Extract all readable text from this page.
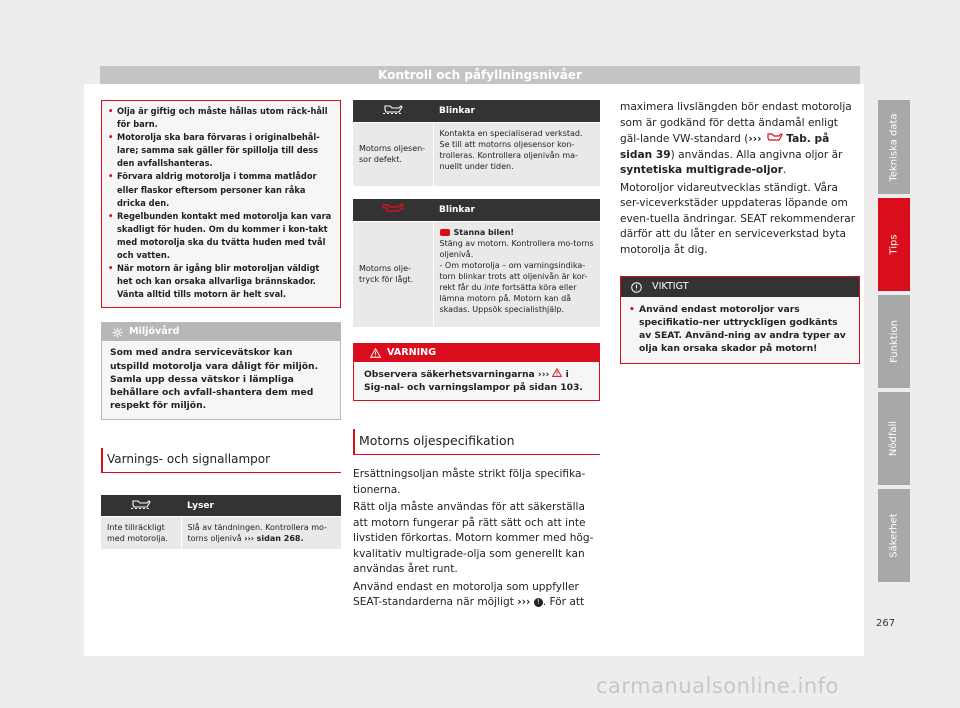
Kontroll och påfyllningsnivåer
• Olja är giftig och måste hållas utom räck-håll för barn.
• Motorolja ska bara förvaras i originalbehål-lare; samma sak gäller för spillolja till dess den avfallshanteras.
• Förvara aldrig motorolja i tomma matlådor eller flaskor eftersom personer kan råka dricka den.
• Regelbunden kontakt med motorolja kan vara skadligt för huden. Om du kommer i kon-takt med motorolja ska du tvätta huden med tvål och vatten.
• När motorn är igång blir motoroljan väldigt het och kan orsaka allvarliga brännskador. Vänta alltid tills motorn är helt sval.
Miljövård
Som med andra servicevätskor kan utspilld motorolja vara dåligt för miljön. Samla upp dessa vätskor i lämpliga behållare och avfall-shantera dem med respekt för miljön.
Varnings- och signallampor
	Lyser
Inte tillräckligt med motorolja.	Slå av tändningen. Kontrollera mo-torns oljenivå ››› sidan 268.
	Blinkar
Motorns oljesen-sor defekt.	Kontakta en specialiserad verkstad. Se till att motorns oljesensor kon-trolleras. Kontrollera oljenivån ma-nuellt under tiden.
	Blinkar
Motorns olje-tryck för lågt.	Stanna bilen!
Stäng av motorn. Kontrollera mo-torns oljenivå.
- Om motorolja – om varningsindika-torn blinkar trots att oljenivån är kor-rekt får du inte fortsätta köra eller lämna motorn på. Motorn kan då skadas. Uppsök specialisthjälp.
VARNING
Observera säkerhetsvarningarna ››› i Sig-nal- och varningslampor på sidan 103.
Motorns oljespecifikation

Ersättningsoljan måste strikt följa specifika-tionerna.

Rätt olja måste användas för att säkerställa att motorn fungerar på rätt sätt och att inte livstiden förkortas. Motorn kommer med hög-kvalitativ multigrade-olja som generellt kan användas året runt.

Använd endast en motorolja som uppfyller SEAT-standarderna när möjligt ››› ! . För att

maximera livslängden bör endast motorolja som är godkänd för detta ändamål enligt gäl-lande VW-standard (››› Tab. på sidan 39) användas. Alla angivna oljor är syntetiska multigrade-oljor.

Motoroljor vidareutvecklas ständigt. Våra ser-viceverkstäder uppdateras löpande om even-tuella ändringar. SEAT rekommenderar därför att du låter en serviceverkstad byta motorolja åt dig.

VIKTIGT
• Använd endast motoroljor vars specifikatio-ner uttryckligen godkänts av SEAT. Använd-ning av andra typer av olja kan orsaka skador på motorn!
Tekniska data
Tips
Funktion
Nödfall
Säkerhet
267
carmanualsonline.info
